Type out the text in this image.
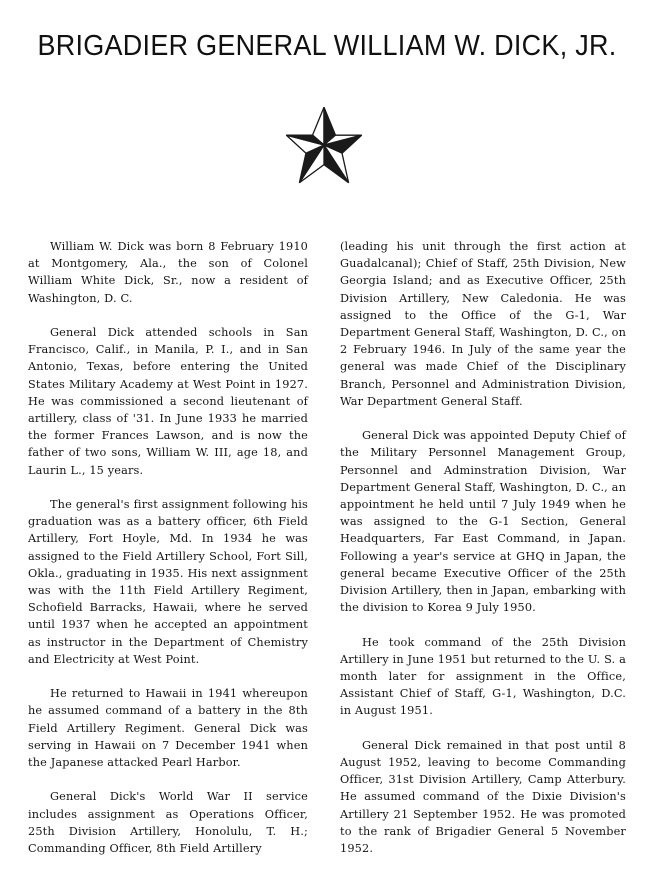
BRIGADIER GENERAL WILLIAM W. DICK, JR.

William W. Dick was born 8 February 1910 at Montgomery, Ala., the son of Colonel William White Dick, Sr., now a resident of Washington, D. C.

General Dick attended schools in San Francisco, Calif., in Manila, P. I., and in San Antonio, Texas, before entering the United States Military Academy at West Point in 1927. He was commissioned a second lieutenant of artillery, class of '31. In June 1933 he married the former Frances Lawson, and is now the father of two sons, William W. III, age 18, and Laurin L., 15 years.

The general's first assignment following his graduation was as a battery officer, 6th Field Artillery, Fort Hoyle, Md. In 1934 he was assigned to the Field Artillery School, Fort Sill, Okla., graduating in 1935. His next assignment was with the 11th Field Artillery Regiment, Schofield Barracks, Hawaii, where he served until 1937 when he accepted an appointment as instructor in the Department of Chemistry and Electricity at West Point.

He returned to Hawaii in 1941 whereupon he assumed command of a battery in the 8th Field Artillery Regiment. General Dick was serving in Hawaii on 7 December 1941 when the Japanese attacked Pearl Harbor.

General Dick's World War II service includes assignment as Operations Officer, 25th Division Artillery, Honolulu, T. H.; Commanding Officer, 8th Field Artillery

(leading his unit through the first action at Guadalcanal); Chief of Staff, 25th Division, New Georgia Island; and as Executive Officer, 25th Division Artillery, New Caledonia. He was assigned to the Office of the G-1, War Department General Staff, Washington, D. C., on 2 February 1946. In July of the same year the general was made Chief of the Disciplinary Branch, Personnel and Administration Division, War Department General Staff.

General Dick was appointed Deputy Chief of the Military Personnel Management Group, Personnel and Adminstration Division, War Department General Staff, Washington, D. C., an appointment he held until 7 July 1949 when he was assigned to the G-1 Section, General Headquarters, Far East Command, in Japan. Following a year's service at GHQ in Japan, the general became Executive Officer of the 25th Division Artillery, then in Japan, embarking with the division to Korea 9 July 1950.

He took command of the 25th Division Artillery in June 1951 but returned to the U. S. a month later for assignment in the Office, Assistant Chief of Staff, G-1, Washington, D.C. in August 1951.

General Dick remained in that post until 8 August 1952, leaving to become Commanding Officer, 31st Division Artillery, Camp Atterbury. He assumed command of the Dixie Division's Artillery 21 September 1952. He was promoted to the rank of Brigadier General 5 November 1952.
